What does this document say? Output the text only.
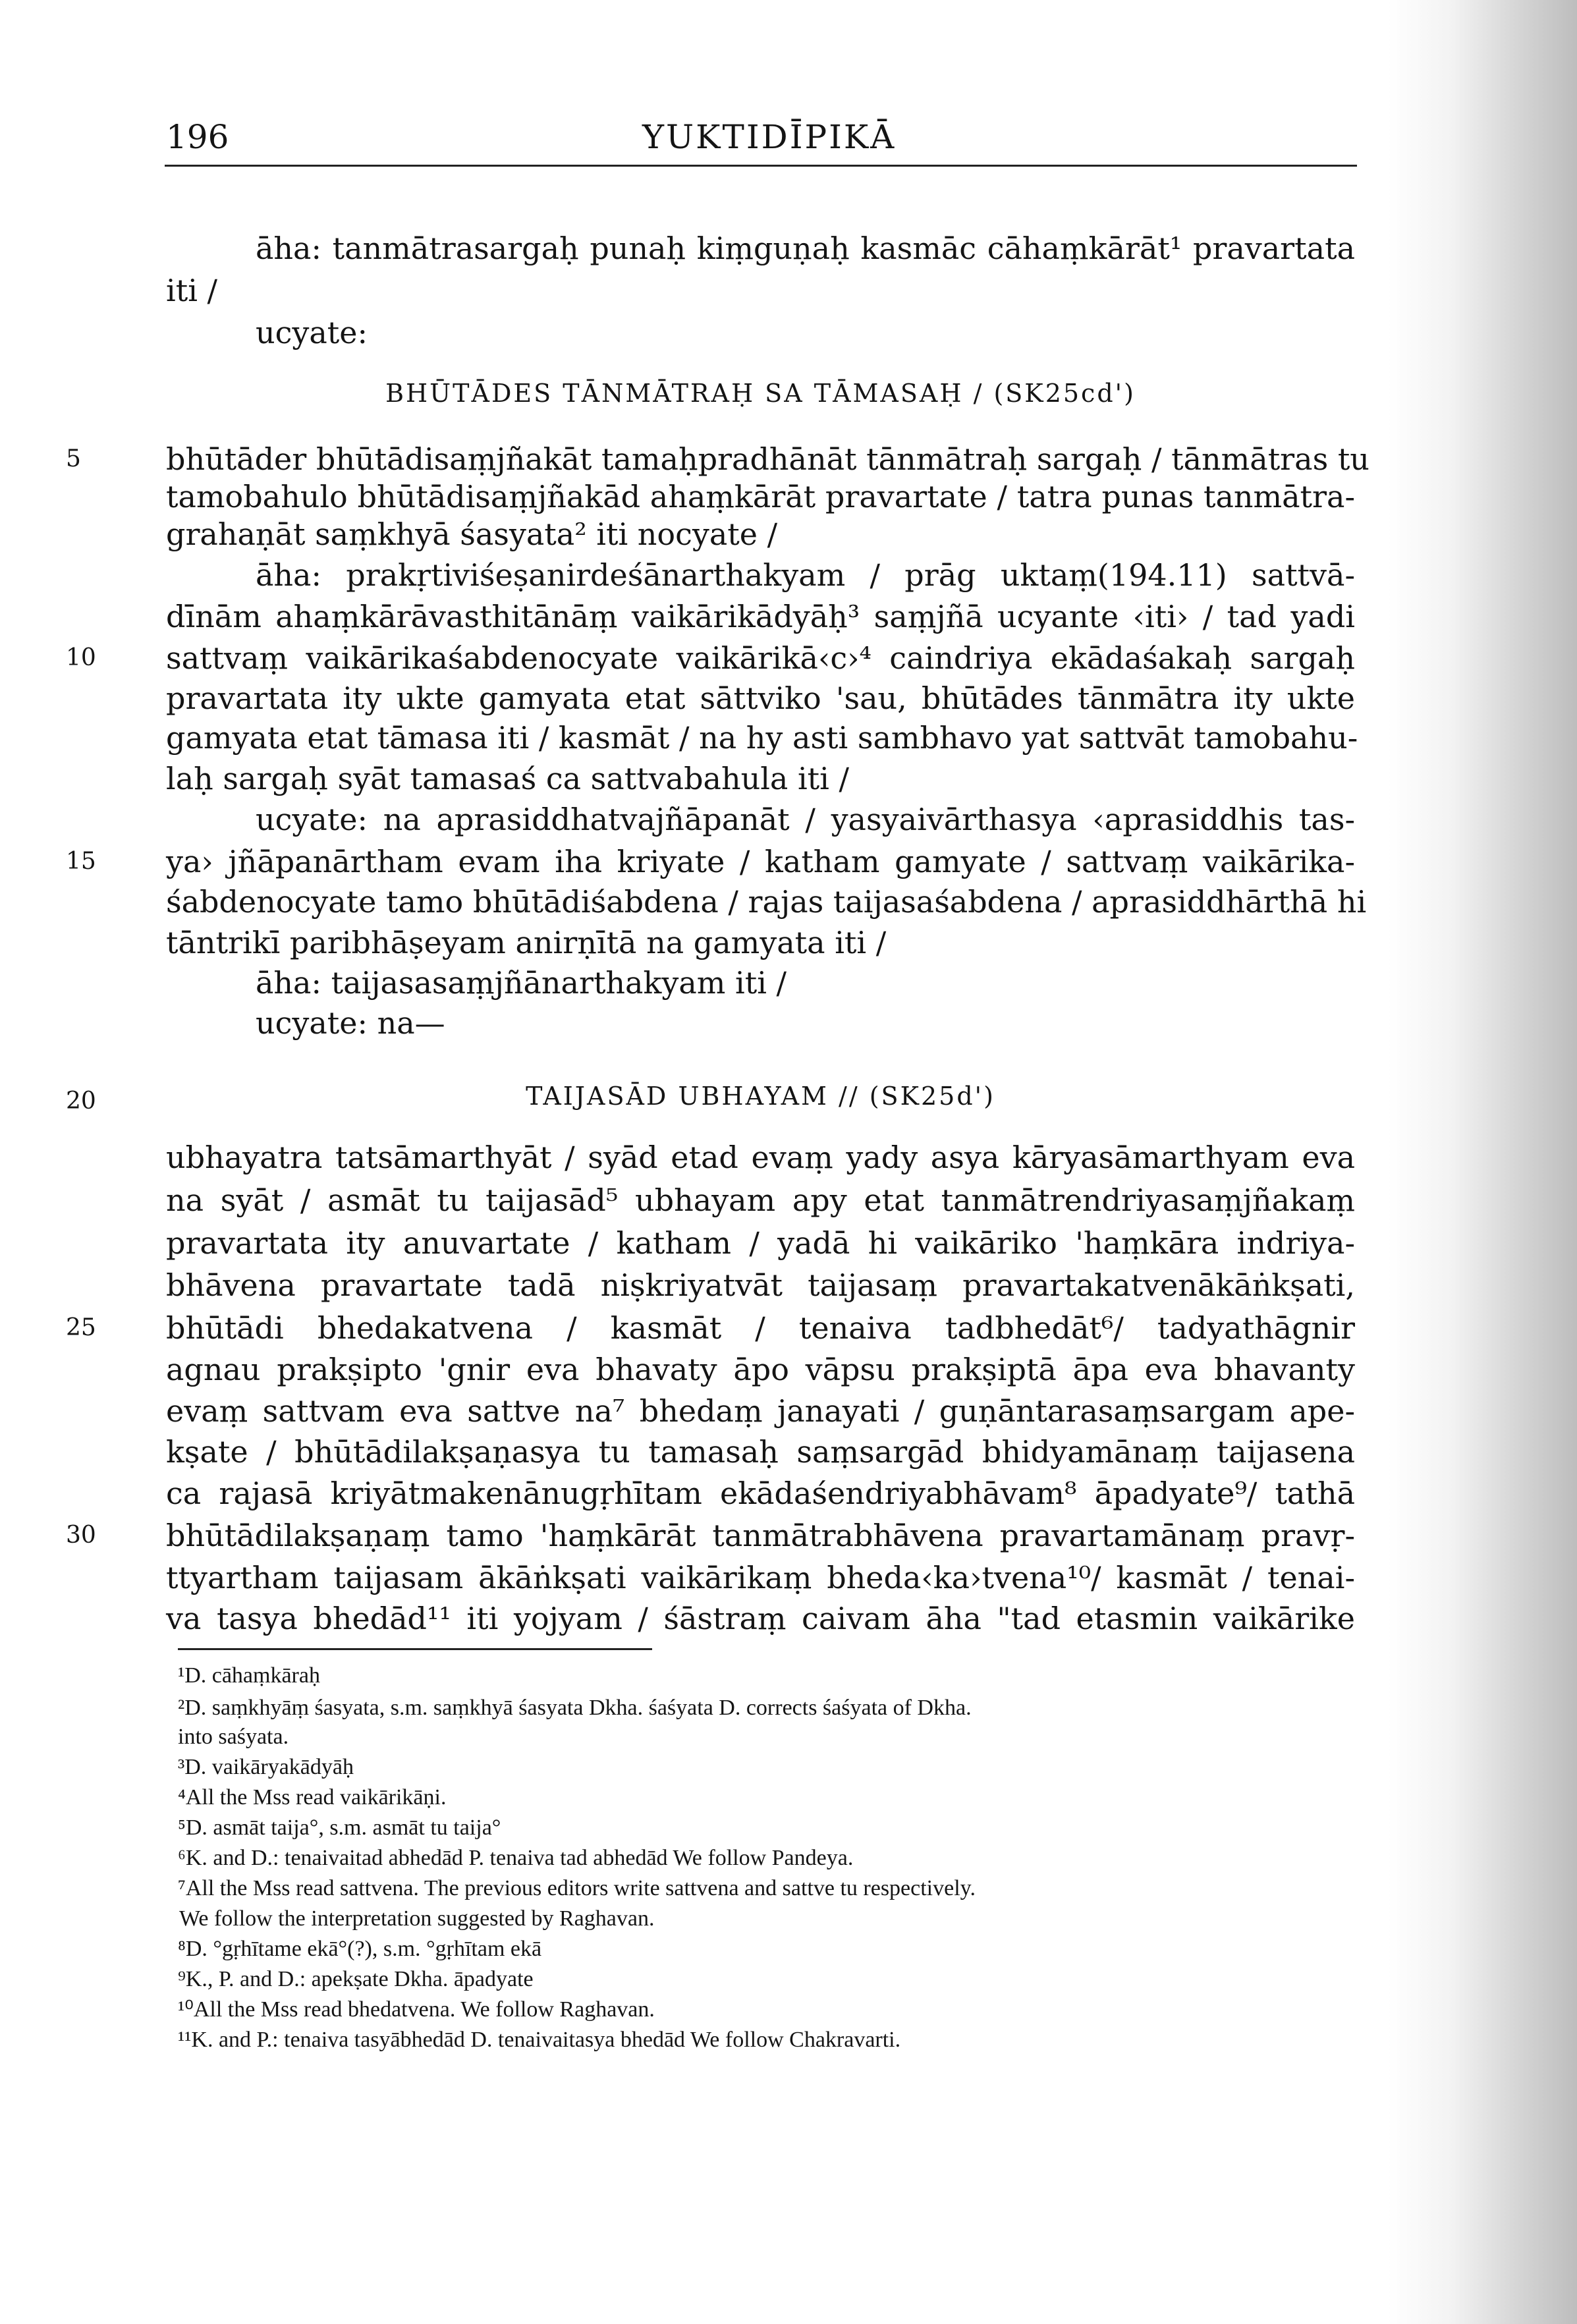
196	YUKTIDĪPIKĀ
āha: tanmātrasargaḥ punaḥ kiṃguṇaḥ kasmāc cāhaṃkārāt¹ pravartata
iti /
ucyate:
BHŪTĀDES TĀNMĀTRAḤ SA TĀMASAḤ / (SK25cd')
5	bhūtāder bhūtādisaṃjñakāt tamaḥpradhānāt tānmātraḥ sargaḥ / tānmātras tu
tamobahulo bhūtādisaṃjñakād ahaṃkārāt pravartate / tatra punas tanmātra-
grahaṇāt saṃkhyā śasyata² iti nocyate /
āha: prakṛtiviśeṣanirdeśānarthakyam / prāg uktaṃ(194.11) sattvā-
dīnām ahaṃkārāvasthitānāṃ vaikārikādyāḥ³ saṃjñā ucyante ‹iti› / tad yadi
10	sattvaṃ vaikārikaśabdenocyate vaikārikā‹c›⁴ caindriya ekādaśakaḥ sargaḥ
pravartata ity ukte gamyata etat sāttviko 'sau, bhūtādes tānmātra ity ukte
gamyata etat tāmasa iti / kasmāt / na hy asti sambhavo yat sattvāt tamobahu-
laḥ sargaḥ syāt tamasaś ca sattvabahula iti /
ucyate: na aprasiddhatvajñāpanāt / yasyaivārthasya ‹aprasiddhis tas-
15	ya› jñāpanārtham evam iha kriyate / katham gamyate / sattvaṃ vaikārika-
śabdenocyate tamo bhūtādiśabdena / rajas taijasaśabdena / aprasiddhārthā hi
tāntrikī paribhāṣeyam anirṇītā na gamyata iti /
āha: taijasasaṃjñānarthakyam iti /
ucyate: na—
20	TAIJASĀD UBHAYAM // (SK25d')
ubhayatra tatsāmarthyāt / syād etad evaṃ yady asya kāryasāmarthyam eva
na syāt / asmāt tu taijasād⁵ ubhayam apy etat tanmātrendriyasaṃjñakaṃ
pravartata ity anuvartate / katham / yadā hi vaikāriko 'haṃkāra indriya-
bhāvena pravartate tadā niṣkriyatvāt taijasaṃ pravartakatvenākāṅkṣati,
25	bhūtādi bhedakatvena / kasmāt / tenaiva tadbhedāt⁶/ tadyathāgnir
agnau prakṣipto 'gnir eva bhavaty āpo vāpsu prakṣiptā āpa eva bhavanty
evaṃ sattvam eva sattve na⁷ bhedaṃ janayati / guṇāntarasaṃsargam ape-
kṣate / bhūtādilakṣaṇasya tu tamasaḥ saṃsargād bhidyamānaṃ taijasena
ca rajasā kriyātmakenānugṛhītam ekādaśendriyabhāvam⁸ āpadyate⁹/ tathā
30	bhūtādilakṣaṇaṃ tamo 'haṃkārāt tanmātrabhāvena pravartamānaṃ pravṛ-
ttyartham taijasam ākāṅkṣati vaikārikaṃ bheda‹ka›tvena¹⁰/ kasmāt / tenai-
va tasya bhedād¹¹ iti yojyam / śāstraṃ caivam āha "tad etasmin vaikārike
¹D. cāhaṃkāraḥ
²D. saṃkhyāṃ śasyata, s.m. saṃkhyā śasyata Dkha. śaśyata D. corrects śaśyata of Dkha.
into saśyata.
³D. vaikāryakādyāḥ
⁴All the Mss read vaikārikāṇi.
⁵D. asmāt taija°, s.m. asmāt tu taija°
⁶K. and D.: tenaivaitad abhedād P. tenaiva tad abhedād We follow Pandeya.
⁷All the Mss read sattvena. The previous editors write sattvena and sattve tu respectively.
We follow the interpretation suggested by Raghavan.
⁸D. °gṛhītame ekā°(?), s.m. °gṛhītam ekā
⁹K., P. and D.: apekṣate Dkha. āpadyate
¹⁰All the Mss read bhedatvena. We follow Raghavan.
¹¹K. and P.: tenaiva tasyābhedād D. tenaivaitasya bhedād We follow Chakravarti.
